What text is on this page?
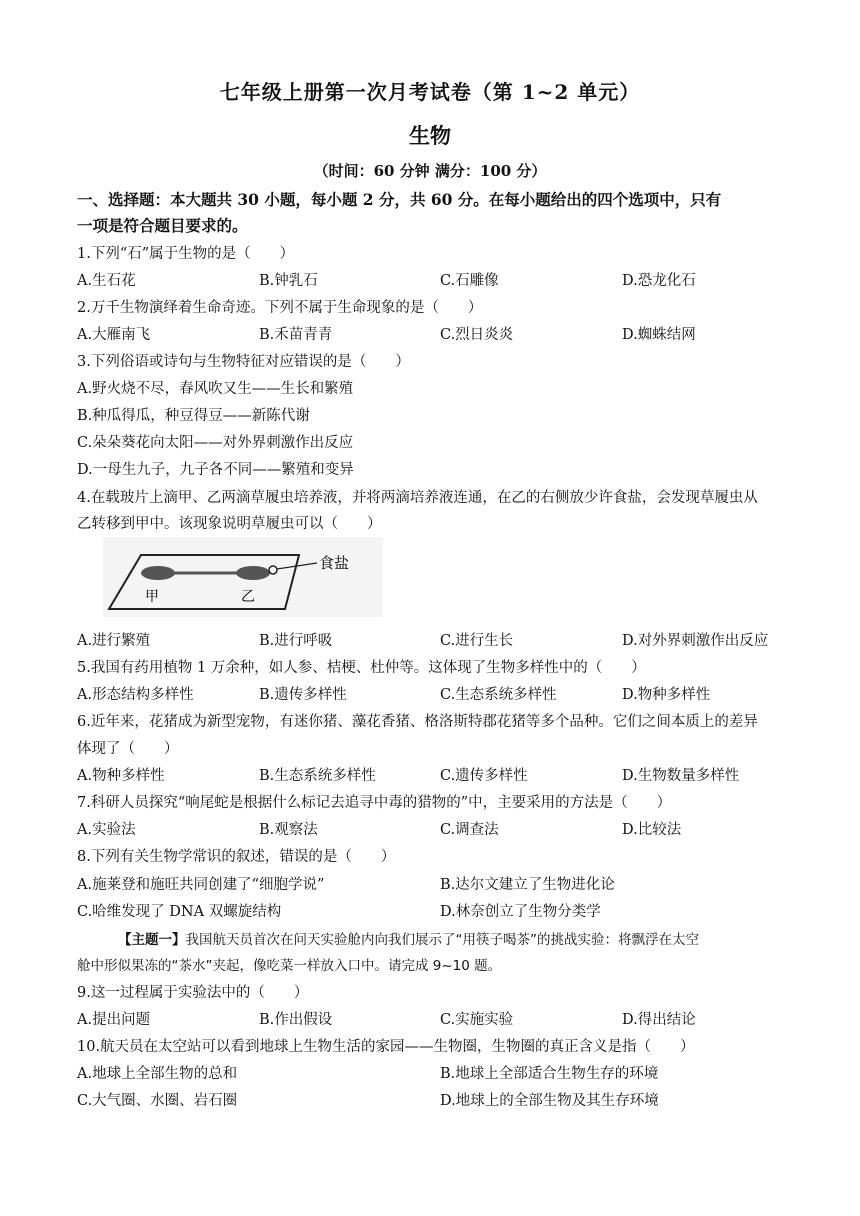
七年级上册第一次月考试卷（第 1~2 单元）
生物
（时间：60 分钟 满分：100 分）
一、选择题：本大题共 30 小题，每小题 2 分，共 60 分。在每小题给出的四个选项中，只有
一项是符合题目要求的。
1.下列“石”属于生物的是（　　）
A.生石花	B.钟乳石	C.石雕像	D.恐龙化石
2.万千生物演绎着生命奇迹。下列不属于生命现象的是（　　）
A.大雁南飞	B.禾苗青青	C.烈日炎炎	D.蜘蛛结网
3.下列俗语或诗句与生物特征对应错误的是（　　）
A.野火烧不尽，春风吹又生——生长和繁殖
B.种瓜得瓜，种豆得豆——新陈代谢
C.朵朵葵花向太阳——对外界刺激作出反应
D.一母生九子，九子各不同——繁殖和变异
4.在载玻片上滴甲、乙两滴草履虫培养液，并将两滴培养液连通，在乙的右侧放少许食盐，会发现草履虫从
乙转移到甲中。该现象说明草履虫可以（　　）
食盐
甲	乙
A.进行繁殖	B.进行呼吸	C.进行生长	D.对外界刺激作出反应
5.我国有药用植物 1 万余种，如人参、桔梗、杜仲等。这体现了生物多样性中的（　　）
A.形态结构多样性	B.遗传多样性	C.生态系统多样性	D.物种多样性
6.近年来，花猪成为新型宠物，有迷你猪、藻花香猪、格洛斯特郡花猪等多个品种。它们之间本质上的差异
体现了（　　）
A.物种多样性	B.生态系统多样性	C.遗传多样性	D.生物数量多样性
7.科研人员探究“响尾蛇是根据什么标记去追寻中毒的猎物的”中，主要采用的方法是（　　）
A.实验法	B.观察法	C.调查法	D.比较法
8.下列有关生物学常识的叙述，错误的是（　　）
A.施莱登和施旺共同创建了“细胞学说”	B.达尔文建立了生物进化论
C.哈维发现了 DNA 双螺旋结构	D.林奈创立了生物分类学
【主题一】我国航天员首次在问天实验舱内向我们展示了“用筷子喝茶”的挑战实验：将飘浮在太空
舱中形似果冻的“茶水”夹起，像吃菜一样放入口中。请完成 9~10 题。
9.这一过程属于实验法中的（　　）
A.提出问题	B.作出假设	C.实施实验	D.得出结论
10.航天员在太空站可以看到地球上生物生活的家园——生物圈，生物圈的真正含义是指（　　）
A.地球上全部生物的总和	B.地球上全部适合生物生存的环境
C.大气圈、水圈、岩石圈	D.地球上的全部生物及其生存环境
